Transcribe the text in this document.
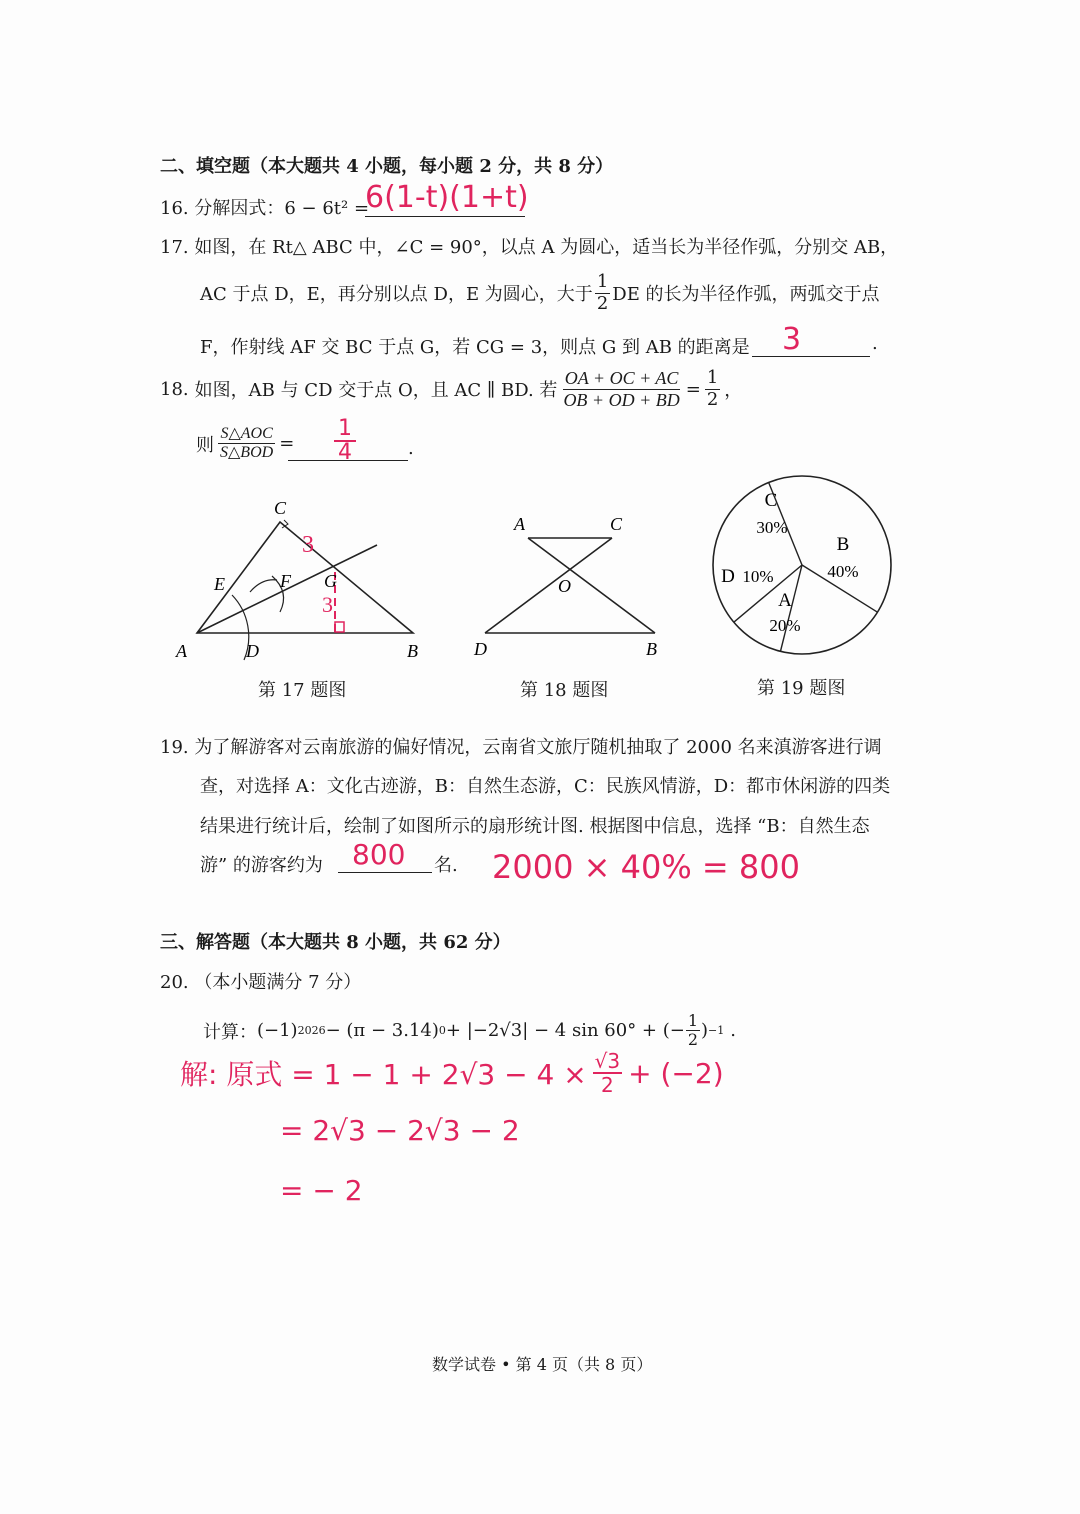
二、填空题（本大题共 4 小题，每小题 2 分，共 8 分）
16. 分解因式：6 − 6t² =
6(1-t)(1+t)
17. 如图，在 Rt△ ABC 中，∠C = 90°，以点 A 为圆心，适当长为半径作弧，分别交 AB，
AC 于点 D，E，再分别以点 D，E 为圆心，大于 $\frac{1}{2}$ DE 的长为半径作弧，两弧交于点
F，作射线 AF 交 BC 于点 G，若 CG = 3，则点 G 到 AB 的距离是 3	.
18. 如图，AB 与 CD 交于点 O，且 AC ∥ BD. 若 $\frac{OA + OC + AC}{OB + OD + BD} = \frac{1}{2}$ ，
则 $\frac{\text{S△AOC}}{\text{S△BOD}} = \frac{1}{4}$	.
A	B
C
D
E	F G
3
3
A	C
O
D	B
A
20%
B
40%
C
30%
D 10%
第 17 题图	第 18 题图	第 19 题图
19. 为了解游客对云南旅游的偏好情况，云南省文旅厅随机抽取了 2000 名来滇游客进行调
查，对选择 A：文化古迹游，B：自然生态游，C：民族风情游，D：都市休闲游的四类
结果进行统计后，绘制了如图所示的扇形统计图. 根据图中信息，选择 “B：自然生态
游” 的游客约为 800 名. 2000 × 40% = 800
三、解答题（本大题共 8 小题，共 62 分）
20. （本小题满分 7 分）
计算： (−1) 2026 − (π − 3.14) 0 + |−2√3| − 4 sin 60° + (− $\frac{1}{2}$ ) −1 .
解: 原式 = $1 - 1 + 2√3 - 4 \times \frac{√3}{2} + (-2)$
= 2√3 − 2√3 − 2
= − 2
数学试卷 • 第 4 页（共 8 页）
